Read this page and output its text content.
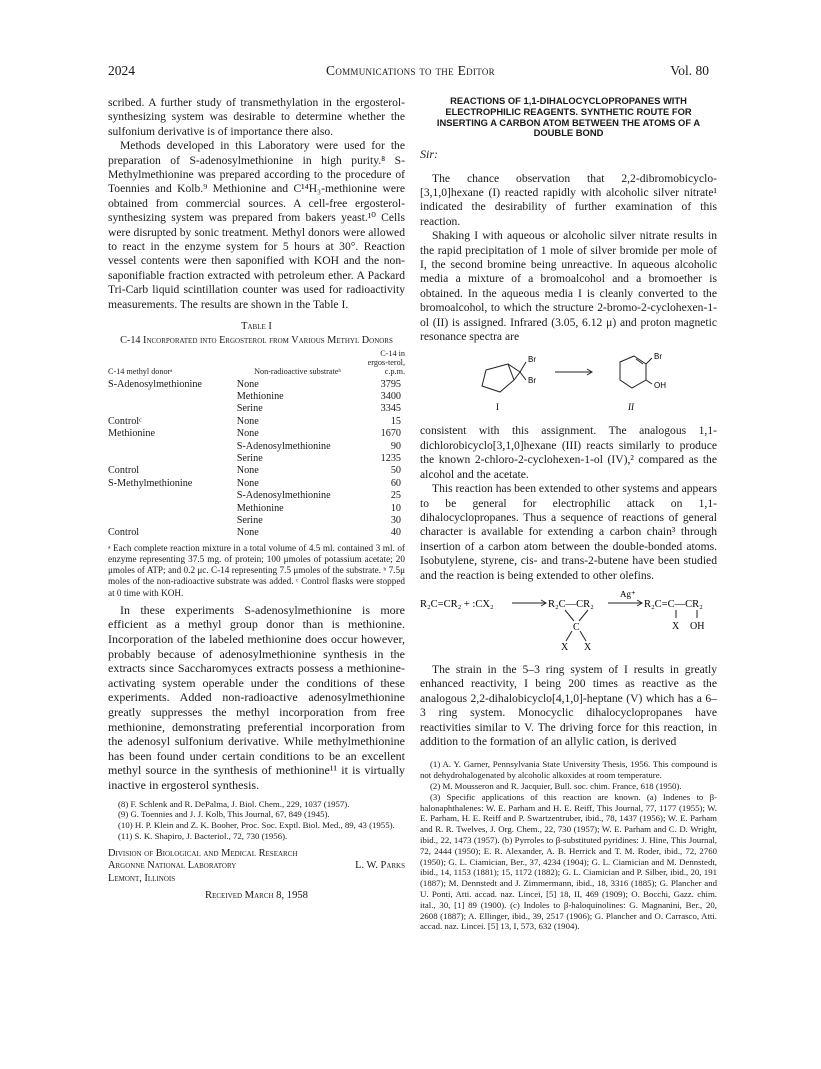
2024	Communications to the Editor	Vol. 80

scribed. A further study of transmethylation in the ergosterol-synthesizing system was desirable to determine whether the sulfonium derivative is of importance there also.

Methods developed in this Laboratory were used for the preparation of S-adenosylmethionine in high purity.⁸ S-Methylmethionine was prepared according to the procedure of Toennies and Kolb.⁹ Methionine and C¹⁴H₃-methionine were obtained from commercial sources. A cell-free ergosterol-synthesizing system was prepared from bakers yeast.¹⁰ Cells were disrupted by sonic treatment. Methyl donors were allowed to react in the enzyme system for 5 hours at 30°. Reaction vessel contents were then saponified with KOH and the non-saponifiable fraction extracted with petroleum ether. A Packard Tri-Carb liquid scintillation counter was used for radioactivity measurements. The results are shown in the Table I.

Table I
C-14 Incorporated into Ergosterol from Various Methyl Donors
C-14 methyl donorᵃ	Non-radioactive substrateᵇ	C-14 in ergos-terol, c.p.m.
S-Adenosylmethionine	None	3795
	Methionine	3400
	Serine	3345
Controlᶜ	None	15
Methionine	None	1670
	S-Adenosylmethionine	90
	Serine	1235
Control	None	50
S-Methylmethionine	None	60
	S-Adenosylmethionine	25
	Methionine	10
	Serine	30
Control	None	40
ᵃ Each complete reaction mixture in a total volume of 4.5 ml. contained 3 ml. of enzyme representing 37.5 mg. of protein; 100 μmoles of potassium acetate; 20 μmoles of ATP; and 0.2 μc. C-14 representing 7.5 μmoles of the substrate. ᵇ 7.5μ moles of the non-radioactive substrate was added. ᶜ Control flasks were stopped at 0 time with KOH.

In these experiments S-adenosylmethionine is more efficient as a methyl group donor than is methionine. Incorporation of the labeled methionine does occur however, probably because of adenosylmethionine synthesis in the extracts since Saccharomyces extracts possess a methionine-activating system operable under the conditions of these experiments. Added non-radioactive adenosylmethionine greatly suppresses the methyl incorporation from free methionine, demonstrating preferential incorporation from the adenosyl sulfonium derivative. While methylmethionine has been found under certain conditions to be an excellent methyl source in the synthesis of methionine¹¹ it is virtually inactive in ergosterol synthesis.

(8) F. Schlenk and R. DePalma, J. Biol. Chem., 229, 1037 (1957).

(9) G. Toennies and J. J. Kolb, This Journal, 67, 849 (1945).

(10) H. P. Klein and Z. K. Booher, Proc. Soc. Exptl. Biol. Med., 89, 43 (1955).

(11) S. K. Shapiro, J. Bacteriol., 72, 730 (1956).

Division of Biological and Medical Research
Argonne National Laboratory	L. W. Parks
Lemont, Illinois
Received March 8, 1958
REACTIONS OF 1,1-DIHALOCYCLOPROPANES WITH ELECTROPHILIC REAGENTS. SYNTHETIC ROUTE FOR INSERTING A CARBON ATOM BETWEEN THE ATOMS OF A DOUBLE BOND
Sir:

The chance observation that 2,2-dibromobicyclo-[3,1,0]hexane (I) reacted rapidly with alcoholic silver nitrate¹ indicated the desirability of further examination of this reaction.

Shaking I with aqueous or alcoholic silver nitrate results in the rapid precipitation of 1 mole of silver bromide per mole of I, the second bromine being unreactive. In aqueous alcoholic media a mixture of a bromoalcohol and a bromoether is obtained. In the aqueous media I is cleanly converted to the bromoalcohol, to which the structure 2-bromo-2-cyclohexen-1-ol (II) is assigned. Infrared (3.05, 6.12 μ) and proton magnetic resonance spectra are

Br
Br
I
Br
OH
II

consistent with this assignment. The analogous 1,1-dichlorobicyclo[3,1,0]hexane (III) reacts similarly to produce the known 2-chloro-2-cyclohexen-1-ol (IV),² compared as the alcohol and the acetate.

This reaction has been extended to other systems and appears to be general for electrophilic attack on 1,1-dihalocyclopropanes. Thus a sequence of reactions of general character is available for extending a carbon chain³ through insertion of a carbon atom between the double-bonded atoms. Isobutylene, styrene, cis- and trans-2-butene have been studied and the reaction is being extended to other olefins.

R₂C=CR₂ + :CX₂	R₂C—CR₂
C
X X
Ag⁺
R₂C=C—CR₂
X OH

The strain in the 5–3 ring system of I results in greatly enhanced reactivity, I being 200 times as reactive as the analogous 2,2-dihalobicyclo[4,1,0]-heptane (V) which has a 6–3 ring system. Monocyclic dihalocyclopropanes have reactivities similar to V. The driving force for this reaction, in addition to the formation of an allylic cation, is derived

(1) A. Y. Garner, Pennsylvania State University Thesis, 1956. This compound is not dehydrohalogenated by alcoholic alkoxides at room temperature.

(2) M. Mousseron and R. Jacquier, Bull. soc. chim. France, 618 (1950).

(3) Specific applications of this reaction are known. (a) Indenes to β-halonaphthalenes: W. E. Parham and H. E. Reiff, This Journal, 77, 1177 (1955); W. E. Parham, H. E. Reiff and P. Swartzentruber, ibid., 78, 1437 (1956); W. E. Parham and R. R. Twelves, J. Org. Chem., 22, 730 (1957); W. E. Parham and C. D. Wright, ibid., 22, 1473 (1957). (b) Pyrroles to β-substituted pyridines: J. Hine, This Journal, 72, 2444 (1950); E. R. Alexander, A. B. Herrick and T. M. Roder, ibid., 72, 2760 (1950); G. L. Ciamician, Ber., 37, 4234 (1904); G. L. Ciamician and M. Dennstedt, ibid., 14, 1153 (1881); 15, 1172 (1882); G. L. Ciamician and P. Silber, ibid., 20, 191 (1887); M. Dennstedt and J. Zimmermann, ibid., 18, 3316 (1885); G. Plancher and U. Ponti, Atti. accad. naz. Lincei, [5] 18, II, 469 (1909); O. Bocchi, Gazz. chim. ital., 30, [1] 89 (1900). (c) Indoles to β-haloquinolines: G. Magnanini, Ber., 20, 2608 (1887); A. Ellinger, ibid., 39, 2517 (1906); G. Plancher and O. Carrasco, Atti. accad. naz. Lincei. [5] 13, I, 573, 632 (1904).
